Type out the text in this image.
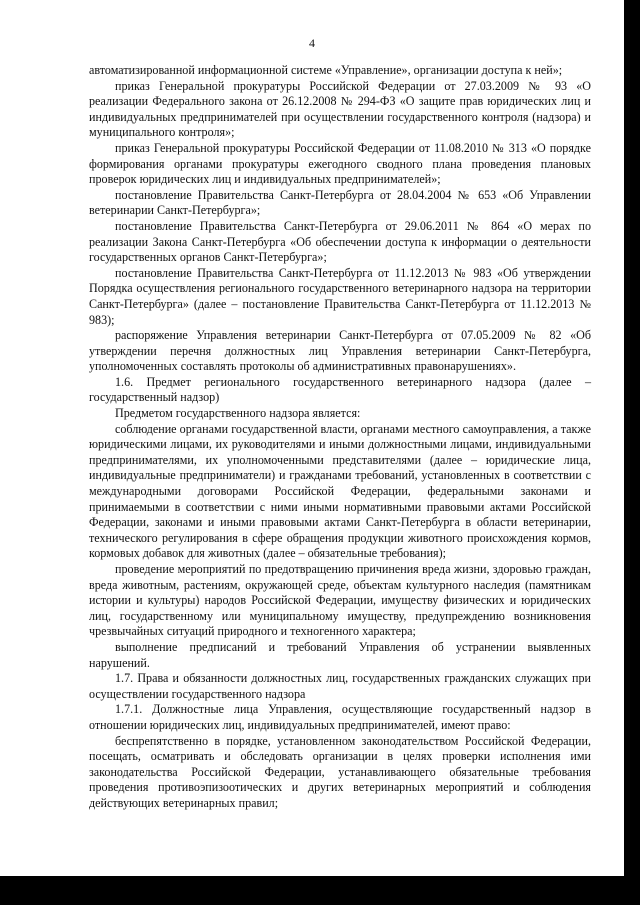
4

автоматизированной информационной системе «Управление», организации доступа к ней»;

приказ Генеральной прокуратуры Российской Федерации от 27.03.2009 № 93 «О реализации Федерального закона от 26.12.2008 № 294-ФЗ «О защите прав юридических лиц и индивидуальных предпринимателей при осуществлении государственного контроля (надзора) и муниципального контроля»;

приказ Генеральной прокуратуры Российской Федерации от 11.08.2010 № 313 «О порядке формирования органами прокуратуры ежегодного сводного плана проведения плановых проверок юридических лиц и индивидуальных предпринимателей»;

постановление Правительства Санкт-Петербурга от 28.04.2004 № 653 «Об Управлении ветеринарии Санкт-Петербурга»;

постановление Правительства Санкт-Петербурга от 29.06.2011 № 864 «О мерах по реализации Закона Санкт-Петербурга «Об обеспечении доступа к информации о деятельности государственных органов Санкт-Петербурга»;

постановление Правительства Санкт-Петербурга от 11.12.2013 № 983 «Об утверждении Порядка осуществления регионального государственного ветеринарного надзора на территории Санкт-Петербурга» (далее – постановление Правительства Санкт-Петербурга от 11.12.2013 № 983);

распоряжение Управления ветеринарии Санкт-Петербурга от 07.05.2009 № 82 «Об утверждении перечня должностных лиц Управления ветеринарии Санкт-Петербурга, уполномоченных составлять протоколы об административных правонарушениях».

1.6. Предмет регионального государственного ветеринарного надзора (далее – государственный надзор)

Предметом государственного надзора является:

соблюдение органами государственной власти, органами местного самоуправления, а также юридическими лицами, их руководителями и иными должностными лицами, индивидуальными предпринимателями, их уполномоченными представителями (далее – юридические лица, индивидуальные предприниматели) и гражданами требований, установленных в соответствии с международными договорами Российской Федерации, федеральными законами и принимаемыми в соответствии с ними иными нормативными правовыми актами Российской Федерации, законами и иными правовыми актами Санкт-Петербурга в области ветеринарии, технического регулирования в сфере обращения продукции животного происхождения кормов, кормовых добавок для животных (далее – обязательные требования);

проведение мероприятий по предотвращению причинения вреда жизни, здоровью граждан, вреда животным, растениям, окружающей среде, объектам культурного наследия (памятникам истории и культуры) народов Российской Федерации, имуществу физических и юридических лиц, государственному или муниципальному имуществу, предупреждению возникновения чрезвычайных ситуаций природного и техногенного характера;

выполнение предписаний и требований Управления об устранении выявленных нарушений.

1.7. Права и обязанности должностных лиц, государственных гражданских служащих при осуществлении государственного надзора

1.7.1. Должностные лица Управления, осуществляющие государственный надзор в отношении юридических лиц, индивидуальных предпринимателей, имеют право:

беспрепятственно в порядке, установленном законодательством Российской Федерации, посещать, осматривать и обследовать организации в целях проверки исполнения ими законодательства Российской Федерации, устанавливающего обязательные требования проведения противоэпизоотических и других ветеринарных мероприятий и соблюдения действующих ветеринарных правил;
